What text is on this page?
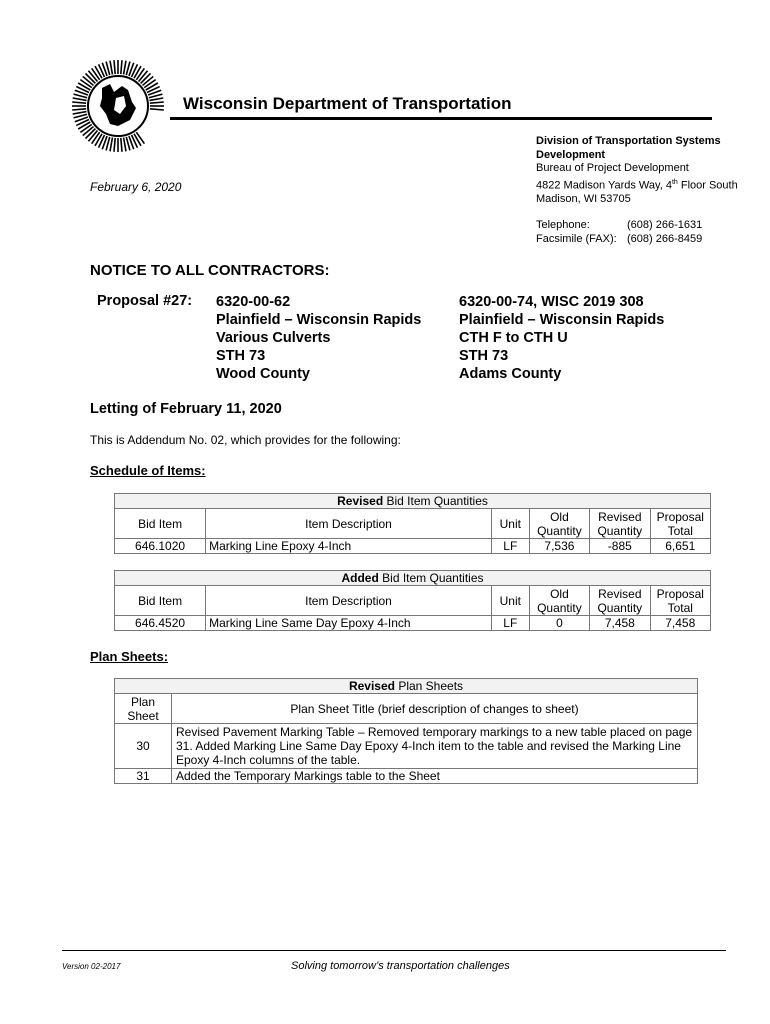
Wisconsin Department of Transportation
Division of Transportation Systems Development
Bureau of Project Development
4822 Madison Yards Way, 4th Floor South
Madison, WI 53705
Telephone:	(608) 266-1631
Facsimile (FAX): (608) 266-8459
February 6, 2020
NOTICE TO ALL CONTRACTORS:
Proposal #27: 6320-00-62
Plainfield – Wisconsin Rapids
Various Culverts
STH 73
Wood County
6320-00-74, WISC 2019 308
Plainfield – Wisconsin Rapids
CTH F to CTH U
STH 73
Adams County
Letting of February 11, 2020
This is Addendum No. 02, which provides for the following:
Schedule of Items:
Revised Bid Item Quantities					
Bid Item	Item Description	Unit	Old Quantity	Revised Quantity	Proposal Total
646.1020	Marking Line Epoxy 4-Inch	LF	7,536	-885	6,651
Added Bid Item Quantities					
Bid Item	Item Description	Unit	Old Quantity	Revised Quantity	Proposal Total
646.4520	Marking Line Same Day Epoxy 4-Inch	LF	0	7,458	7,458
Plan Sheets:
Revised Plan Sheets	
Plan Sheet	Plan Sheet Title (brief description of changes to sheet)
30	Revised Pavement Marking Table – Removed temporary markings to a new table placed on page 31. Added Marking Line Same Day Epoxy 4-Inch item to the table and revised the Marking Line Epoxy 4-Inch columns of the table.
31	Added the Temporary Markings table to the Sheet
Version 02-2017	Solving tomorrow’s transportation challenges
